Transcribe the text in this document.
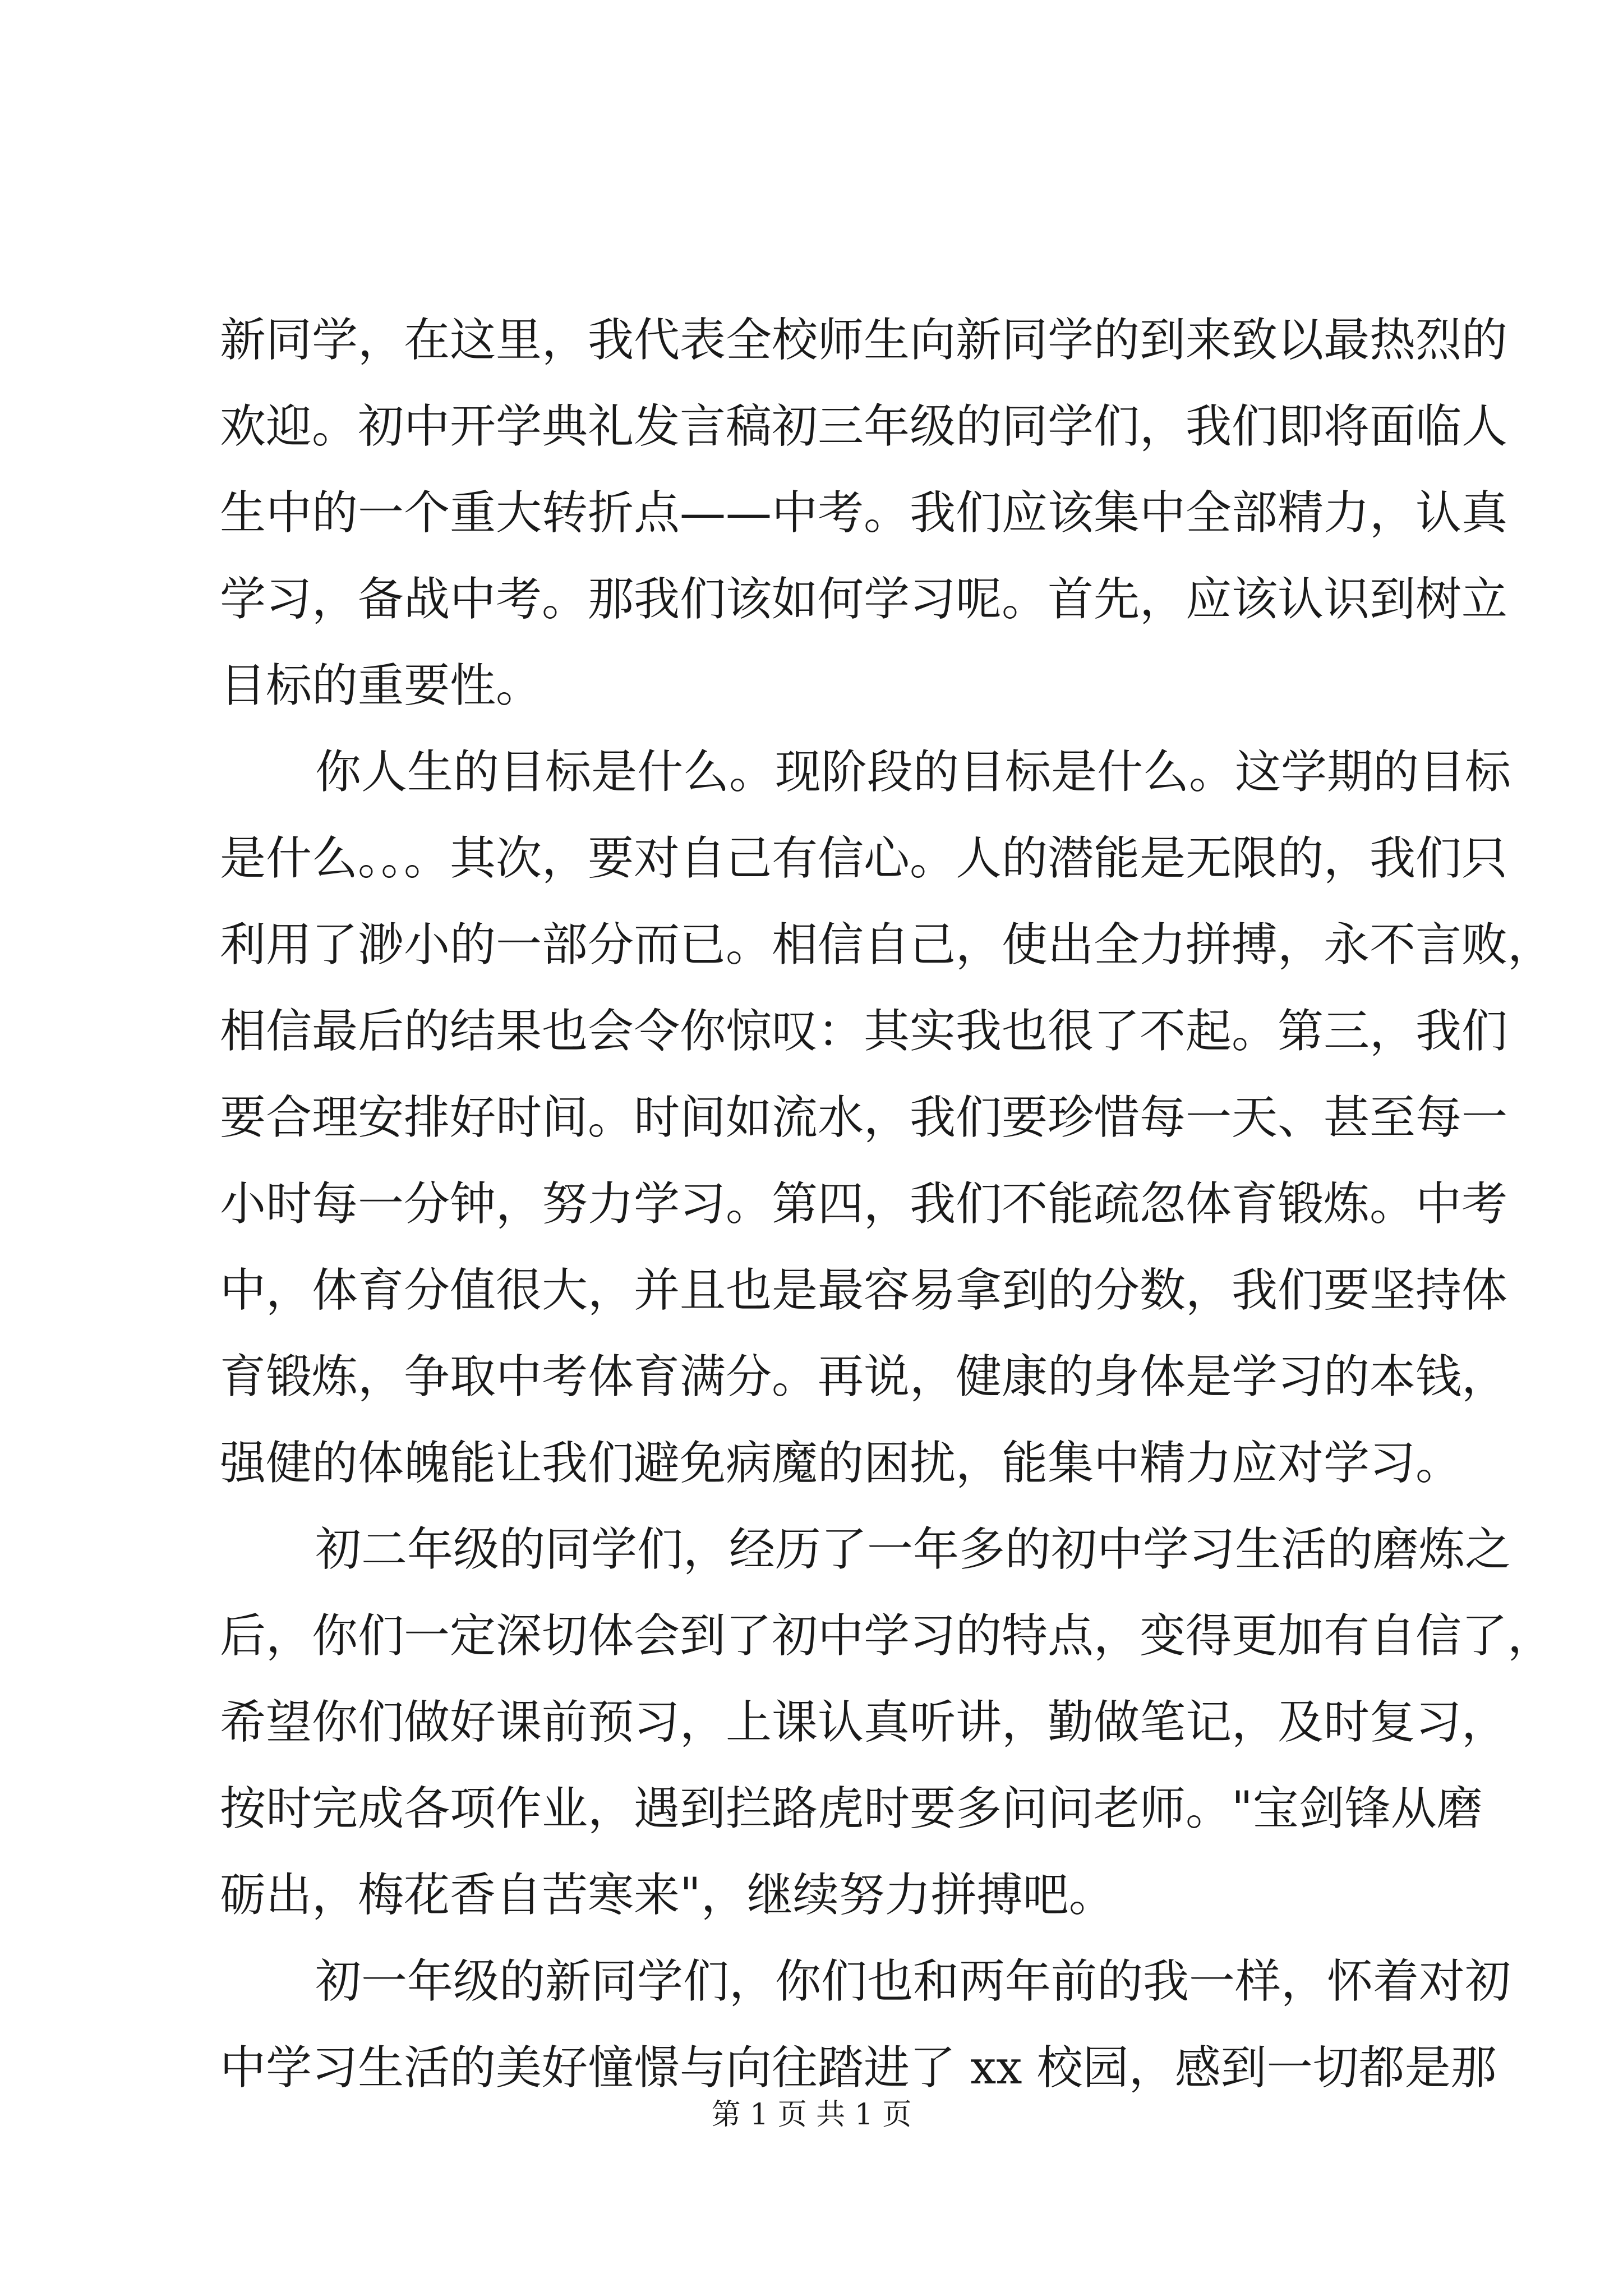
新同学，在这里，我代表全校师生向新同学的到来致以最热烈的
欢迎。初中开学典礼发言稿初三年级的同学们，我们即将面临人
生中的一个重大转折点——中考。我们应该集中全部精力，认真
学习，备战中考。那我们该如何学习呢。首先，应该认识到树立
目标的重要性。
你人生的目标是什么。现阶段的目标是什么。这学期的目标
是什么。。。其次，要对自己有信心。人的潜能是无限的，我们只
利用了渺小的一部分而已。相信自己，使出全力拼搏，永不言败，
相信最后的结果也会令你惊叹：其实我也很了不起。第三，我们
要合理安排好时间。时间如流水，我们要珍惜每一天、甚至每一
小时每一分钟，努力学习。第四，我们不能疏忽体育锻炼。中考
中，体育分值很大，并且也是最容易拿到的分数，我们要坚持体
育锻炼，争取中考体育满分。再说，健康的身体是学习的本钱，
强健的体魄能让我们避免病魔的困扰，能集中精力应对学习。
初二年级的同学们，经历了一年多的初中学习生活的磨炼之
后，你们一定深切体会到了初中学习的特点，变得更加有自信了，
希望你们做好课前预习，上课认真听讲，勤做笔记，及时复习，
按时完成各项作业，遇到拦路虎时要多问问老师。"宝剑锋从磨
砺出，梅花香自苦寒来"，继续努力拼搏吧。
初一年级的新同学们，你们也和两年前的我一样，怀着对初
中学习生活的美好憧憬与向往踏进了 xx 校园，感到一切都是那
第 1 页 共 1 页
